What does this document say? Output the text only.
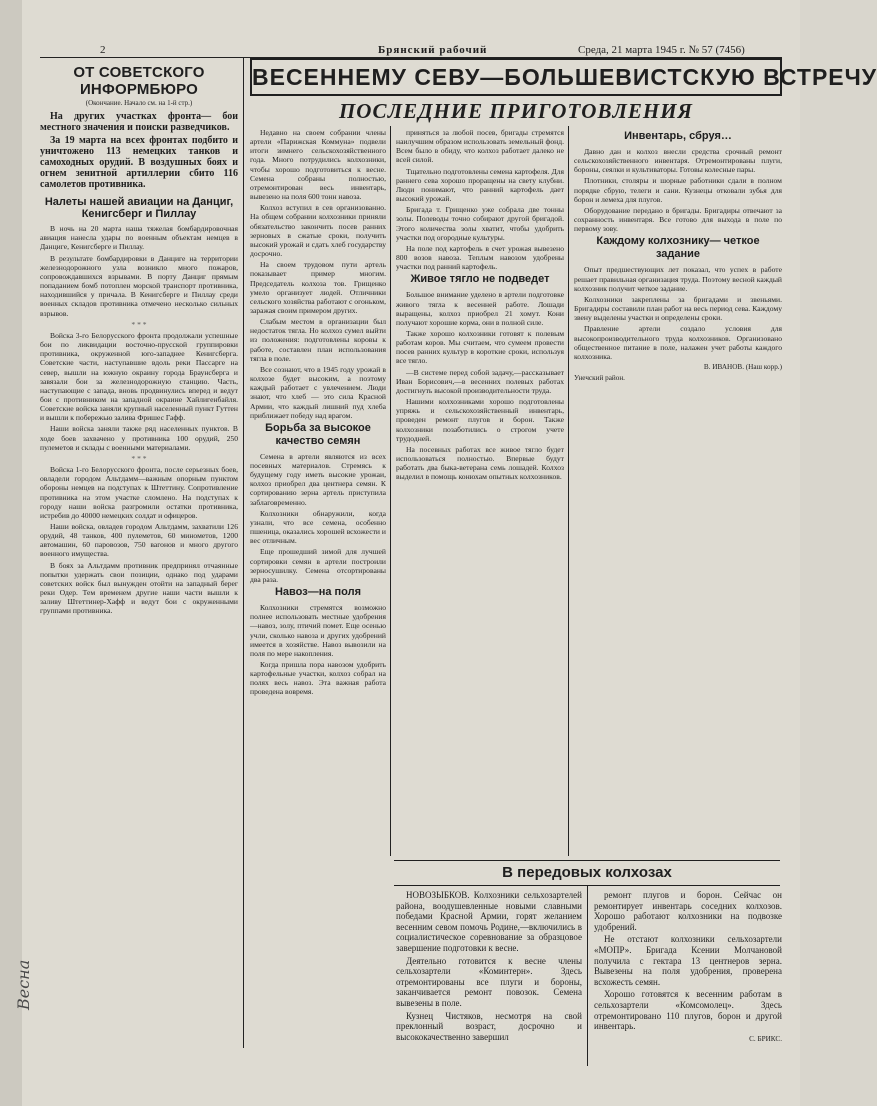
Весна
2	Брянский рабочий	Среда, 21 марта 1945 г. № 57 (7456)
ВЕСЕННЕМУ СЕВУ—БОЛЬШЕВИСТСКУЮ ВСТРЕЧУ
ПОСЛЕДНИЕ ПРИГОТОВЛЕНИЯ
ОТ СОВЕТСКОГО ИНФОРМБЮРО

(Окончание. Начало см. на 1-й стр.)

На других участках фронта— бои местного значения и поиски разведчиков.

За 19 марта на всех фронтах подбито и уничтожено 113 немецких танков и самоходных орудий. В воздушных боях и огнем зенитной артиллерии сбито 116 самолетов противника.

Налеты нашей авиации на Данциг, Кенигсберг и Пиллау

В ночь на 20 марта наша тяжелая бомбардировочная авиация нанесла удары по военным объектам немцев в Данциге, Кенигсберге и Пиллау.

В результате бомбардировки в Данциге на территории железнодорожного узла возникло много пожаров, сопровождавшихся взрывами. В порту Данциг прямым попаданием бомб потоплен морской транспорт противника, находившийся у причала. В Кенигсберге и Пиллау среди военных складов противника отмечено несколько сильных взрывов.

* * *

Войска 3-го Белорусского фронта продолжали успешные бои по ликвидации восточно-прусской группировки противника, окруженной юго-западнее Кенигсберга. Советские части, наступавшие вдоль реки Пассарге на север, вышли на южную окраину города Браунсберга и завязали бои за железнодорожную станцию. Часть, наступающие с запада, вновь продвинулись вперед и ведут бои с противником на западной окраине Хайлигенбайля. Советские войска заняли крупный населенный пункт Гуттен и вышли к побережью залива Фришес Гафф.

Наши войска заняли также ряд населенных пунктов. В ходе боев захвачено у противника 100 орудий, 250 пулеметов и склады с военными материалами.

* * *

Войска 1-го Белорусского фронта, после серьезных боев, овладели городом Альтдамм—важным опорным пунктом обороны немцев на подступах к Штеттину. Сопротивление противника на этом участке сломлено. На подступах к городу наши войска разгромили остатки противника, истребив до 40000 немецких солдат и офицеров.

Наши войска, овладев городом Альтдамм, захватили 126 орудий, 48 танков, 400 пулеметов, 60 минометов, 1200 автомашин, 60 паровозов, 750 вагонов и много другого военного имущества.

В боях за Альтдамм противник предпринял отчаянные попытки удержать свои позиции, однако под ударами советских войск был вынужден отойти на западный берег реки Одер. Тем временем другие наши части вышли к заливу Штеттинер-Хафф и ведут бои с окруженными группами противника.

Недавно на своем собрании члены артели «Парижская Коммуна» подвели итоги зимнего сельскохозяйственного года. Много потрудились колхозники, чтобы хорошо подготовиться к весне. Семена собраны полностью, отремонтирован весь инвентарь, вывезено на поля 600 тонн навоза.

Колхоз вступил в сев организованно. На общем собрании колхозники приняли обязательство закончить посев ранних зерновых в сжатые сроки, получить высокий урожай и сдать хлеб государству досрочно.

На своем трудовом пути артель показывает пример многим. Председатель колхоза тов. Грищенко умело организует людей. Отличники сельского хозяйства работают с огоньком, заражая своим примером других.

Слабым местом в организации был недостаток тягла. Но колхоз сумел выйти из положения: подготовлены коровы к работе, составлен план использования тягла в поле.

Все сознают, что в 1945 году урожай в колхозе будет высоким, а поэтому каждый работает с увлечением. Люди знают, что хлеб — это сила Красной Армии, что каждый лишний пуд хлеба приближает победу над врагом.

Борьба за высокое качество семян

Семена в артели являются из всех посевных материалов. Стремясь к будущему году иметь высокие урожаи, колхоз приобрел два центнера семян. К сортированию зерна артель приступила заблаговременно.

Колхозники обнаружили, когда узнали, что все семена, особенно пшеница, оказались хорошей всхожести и вес отличным.

Еще прошедший зимой для лучшей сортировки семян в артели построили зерносушилку. Семена отсортированы два раза.

Навоз—на поля

Колхозники стремятся возможно полнее использовать местные удобрения—навоз, золу, птичий помет. Еще осенью учли, сколько навоза и других удобрений имеется в хозяйстве. Навоз вывозили на поля по мере накопления.

Когда пришла пора навозом удобрить картофельные участки, колхоз собрал на полях весь навоз. Эта важная работа проведена вовремя.

приняться за любой посев, бригады стремятся наилучшим образом использовать земельный фонд. Всем было в обиду, что колхоз работает далеко не всей силой.

Тщательно подготовлены семена картофеля. Для раннего сева хорошо проращены на свету клубни. Люди понимают, что ранний картофель дает высокий урожай.

Бригада т. Грищенко уже собрала две тонны золы. Полеводы точно собирают другой бригадой. Этого количества золы хватит, чтобы удобрить участки под огородные культуры.

На поле под картофель в счет урожая вывезено 800 возов навоза. Теплым навозом удобрены участки под ранний картофель.

Живое тягло не подведет

Большое внимание уделено в артели подготовке живого тягла к весенней работе. Лошади выращены, колхоз приобрел 21 хомут. Кони получают хорошие корма, они в полной силе.

Также хорошо колхозники готовят к полевым работам коров. Мы считаем, что сумеем провести посев ранних культур в короткие сроки, используя все тягло.

—В системе перед собой задачу,—рассказывает Иван Борисович,—в весенних полевых работах достигнуть высокой производительности труда.

Нашими колхозниками хорошо подготовлены упряжь и сельскохозяйственный инвентарь, проведен ремонт плугов и борон. Также колхозники позаботились о строгом учете трудодней.

На посевных работах все живое тягло будет использоваться полностью. Впервые будут работать два быка-ветерана семь лошадей. Колхоз выделил в помощь конюхам опытных колхозников.

Инвентарь, сбруя…

Давно дан и колхоз внесли средства срочный ремонт сельскохозяйственного инвентаря. Отремонтированы плуги, бороны, сеялки и культиваторы. Готовы колесные пары.

Плотники, столяры и шорные работники сдали в полном порядке сбрую, телеги и сани. Кузнецы отковали зубья для борон и лемеха для плугов.

Оборудование передано в бригады. Бригадиры отвечают за сохранность инвентаря. Все готово для выхода в поле по первому зову.

Каждому колхознику— четкое задание

Опыт предшествующих лет показал, что успех в работе решает правильная организация труда. Поэтому весной каждый колхозник получит четкое задание.

Колхозники закреплены за бригадами и звеньями. Бригадиры составили план работ на весь период сева. Каждому звену выделены участки и определены сроки.

Правление артели создало условия для высокопроизводительного труда колхозников. Организовано общественное питание в поле, налажен учет работы каждого колхозника.

В. ИВАНОВ. (Наш корр.)

Унечский район.

В передовых колхозах

НОВОЗЫБКОВ. Колхозники сельхозартелей района, воодушевленные новыми славными победами Красной Армии, горят желанием весенним севом помочь Родине,—включились в социалистическое соревнование за образцовое завершение подготовки к весне.

Деятельно готовится к весне члены сельхозартели «Коминтерн». Здесь отремонтированы все плуги и бороны, заканчивается ремонт повозок. Семена вывезены в поле.

Кузнец Чистяков, несмотря на свой преклонный возраст, досрочно и высококачественно завершил

ремонт плугов и борон. Сейчас он ремонтирует инвентарь соседних колхозов. Хорошо работают колхозники на подвозке удобрений.

Не отстают колхозники сельхозартели «МОПР». Бригада Ксении Молчановой получила с гектара 13 центнеров зерна. Вывезены на поля удобрения, проверена всхожесть семян.

Хорошо готовятся к весенним работам в сельхозартели «Комсомолец». Здесь отремонтировано 110 плугов, борон и другой инвентарь.

С. БРИКС.
